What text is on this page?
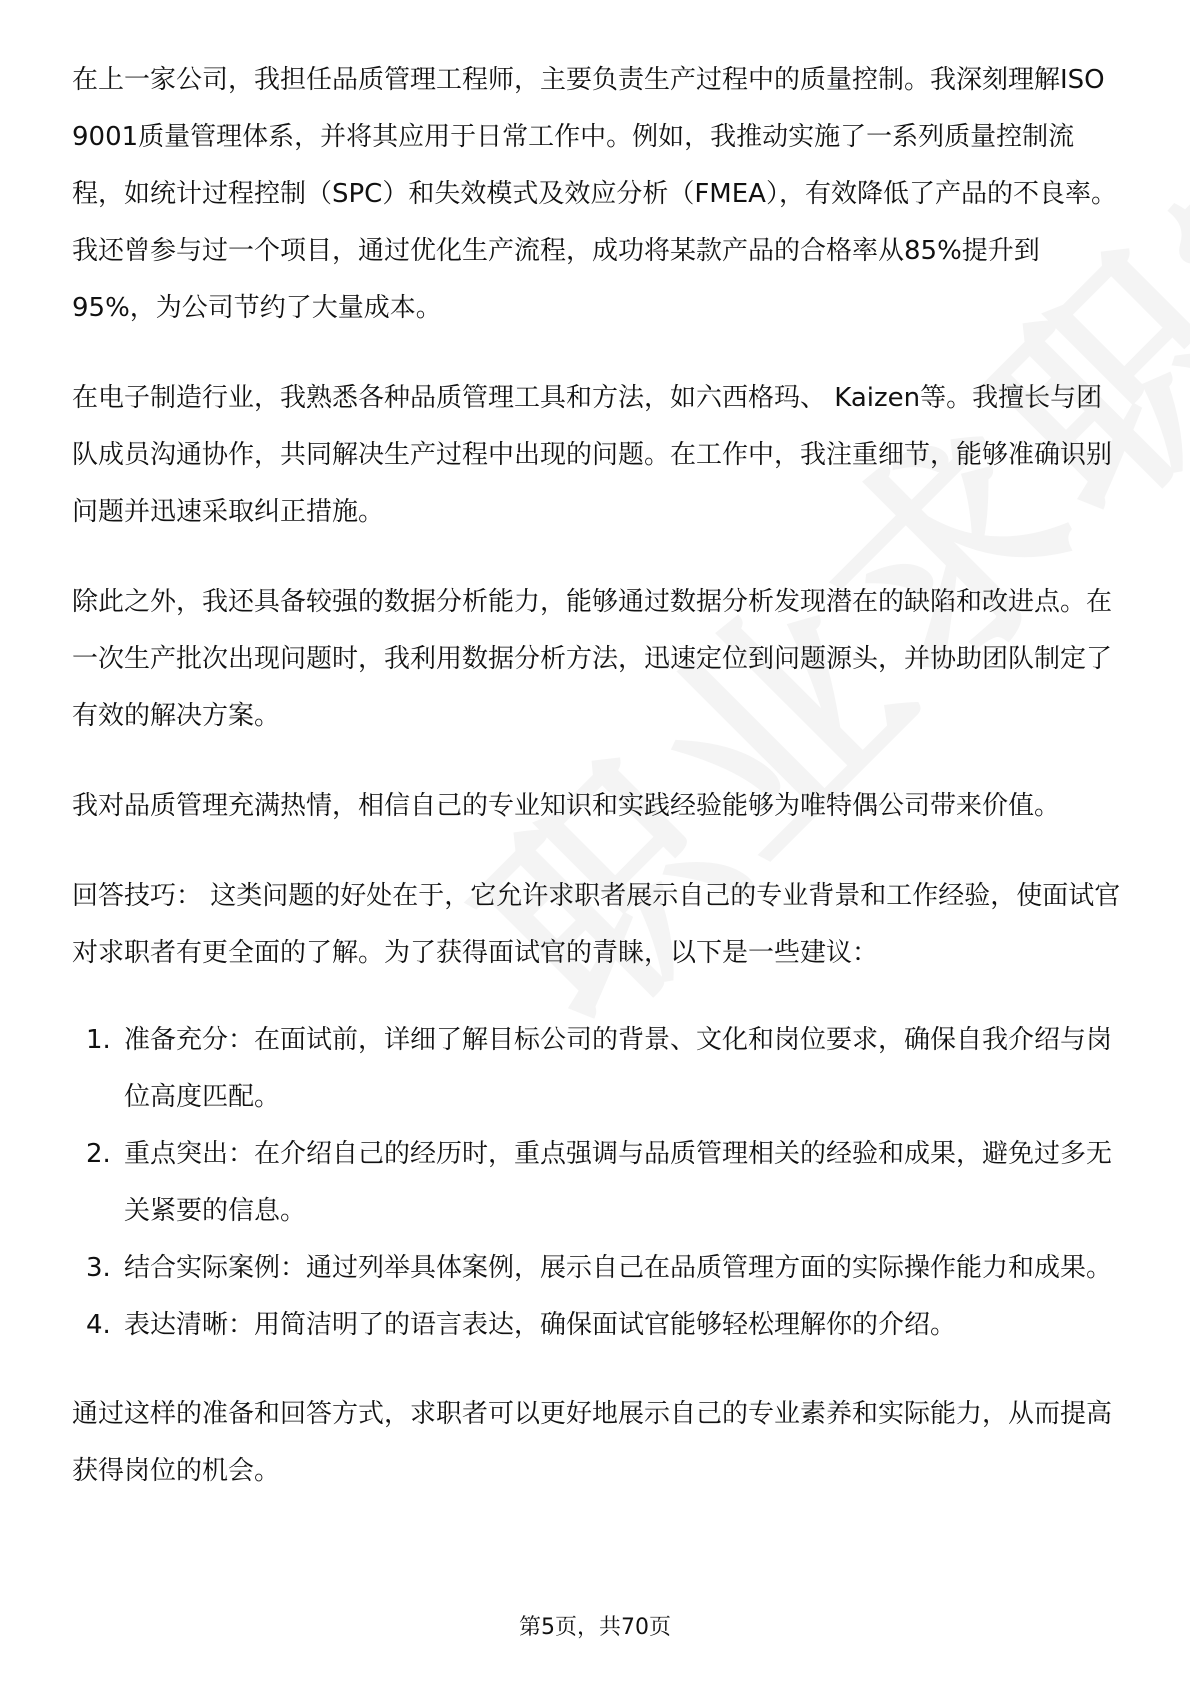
在上一家公司，我担任品质管理工程师，主要负责生产过程中的质量控制。我深刻理解ISO 9001质量管理体系，并将其应用于日常工作中。例如，我推动实施了一系列质量控制流程，如统计过程控制（SPC）和失效模式及效应分析（FMEA），有效降低了产品的不良率。我还曾参与过一个项目，通过优化生产流程，成功将某款产品的合格率从85%提升到95%，为公司节约了大量成本。

在电子制造行业，我熟悉各种品质管理工具和方法，如六西格玛、 Kaizen等。我擅长与团队成员沟通协作，共同解决生产过程中出现的问题。在工作中，我注重细节，能够准确识别问题并迅速采取纠正措施。

除此之外，我还具备较强的数据分析能力，能够通过数据分析发现潜在的缺陷和改进点。在一次生产批次出现问题时，我利用数据分析方法，迅速定位到问题源头，并协助团队制定了有效的解决方案。

我对品质管理充满热情，相信自己的专业知识和实践经验能够为唯特偶公司带来价值。

回答技巧： 这类问题的好处在于，它允许求职者展示自己的专业背景和工作经验，使面试官对求职者有更全面的了解。为了获得面试官的青睐，以下是一些建议：

1. 准备充分：在面试前，详细了解目标公司的背景、文化和岗位要求，确保自我介绍与岗位高度匹配。
2. 重点突出：在介绍自己的经历时，重点强调与品质管理相关的经验和成果，避免过多无关紧要的信息。
3. 结合实际案例：通过列举具体案例，展示自己在品质管理方面的实际操作能力和成果。
4. 表达清晰：用简洁明了的语言表达，确保面试官能够轻松理解你的介绍。

通过这样的准备和回答方式，求职者可以更好地展示自己的专业素养和实际能力，从而提高获得岗位的机会。

第5页，共70页
